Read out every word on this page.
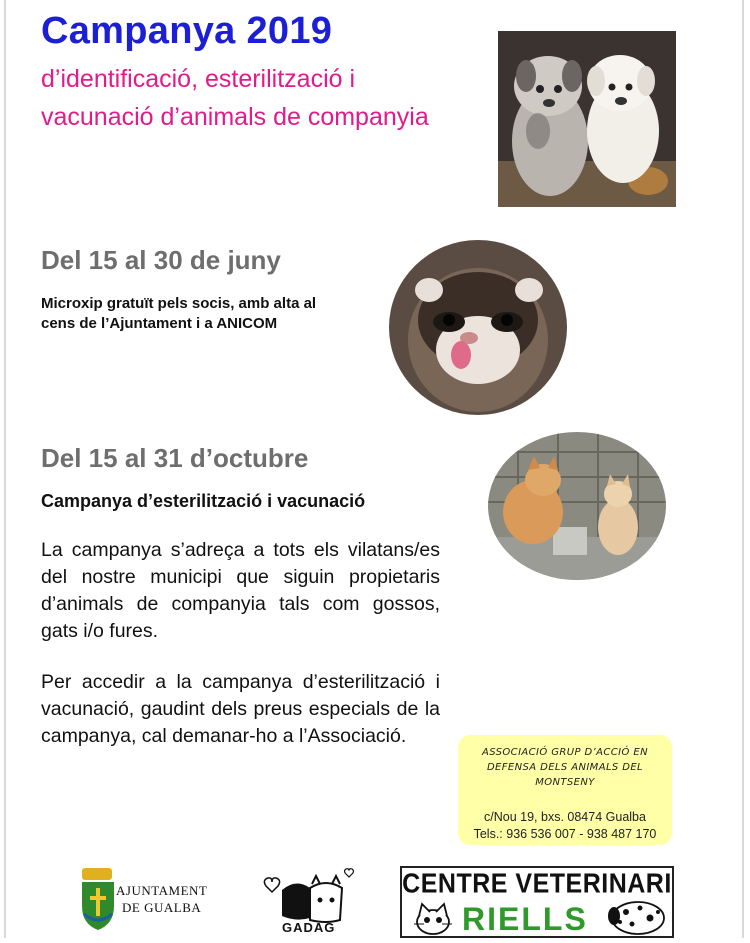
Campanya 2019
d’identificació, esterilització i vacunació d’animals de companyia
Del 15 al 30 de juny
Microxip gratuït pels socis, amb alta al cens de l’Ajuntament i a ANICOM
Del 15 al 31 d’octubre
Campanya d’esterilització i vacunació
La campanya s’adreça a tots els vilatans/es del nostre municipi que siguin propietaris d’animals de companyia tals com gossos, gats i/o fures.
Per accedir a la campanya d’esterilització i vacunació, gaudint dels preus especials de la campanya, cal demanar-ho a l’Associació.
ASSOCIACIÓ GRUP D’ACCIÓ EN DEFENSA DELS ANIMALS DEL MONTSENY
c/Nou 19, bxs. 08474 Gualba
Tels.: 936 536 007 - 938 487 170
AJUNTAMENT
DE GUALBA
GADAG
CENTRE VETERINARI
RIELLS
